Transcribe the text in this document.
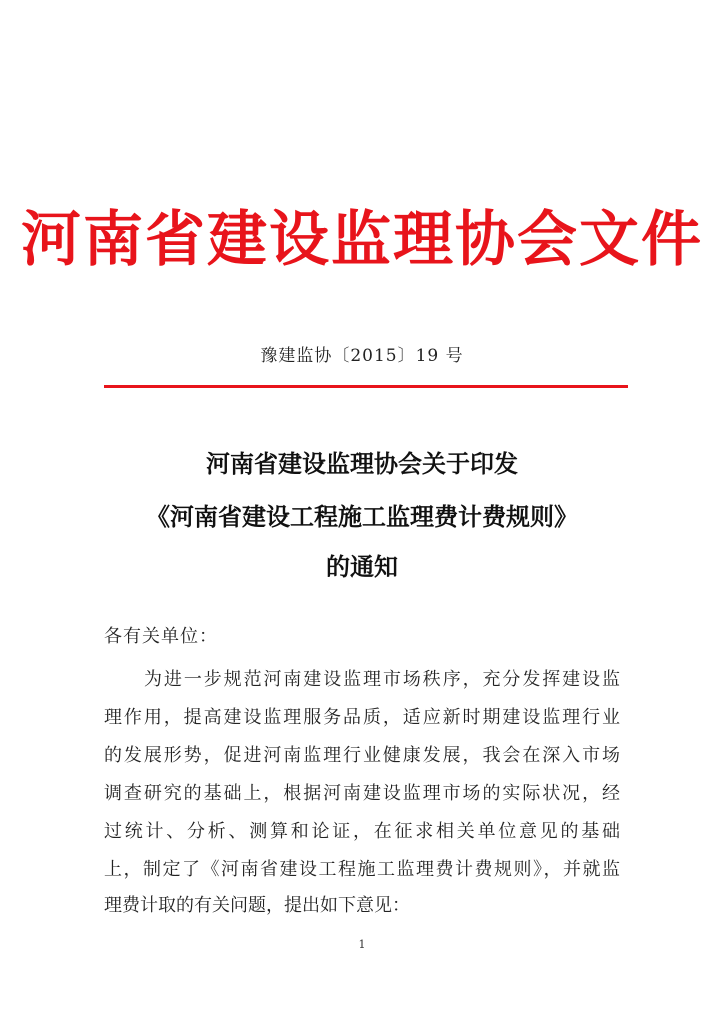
河南省建设监理协会文件
豫建监协〔2015〕19 号
河南省建设监理协会关于印发
《河南省建设工程施工监理费计费规则》
的通知
各有关单位：
为进一步规范河南建设监理市场秩序，充分发挥建设监
理作用，提高建设监理服务品质，适应新时期建设监理行业
的发展形势，促进河南监理行业健康发展，我会在深入市场
调查研究的基础上，根据河南建设监理市场的实际状况，经
过统计、分析、测算和论证，在征求相关单位意见的基础
上，制定了《河南省建设工程施工监理费计费规则》，并就监
理费计取的有关问题，提出如下意见：
1
